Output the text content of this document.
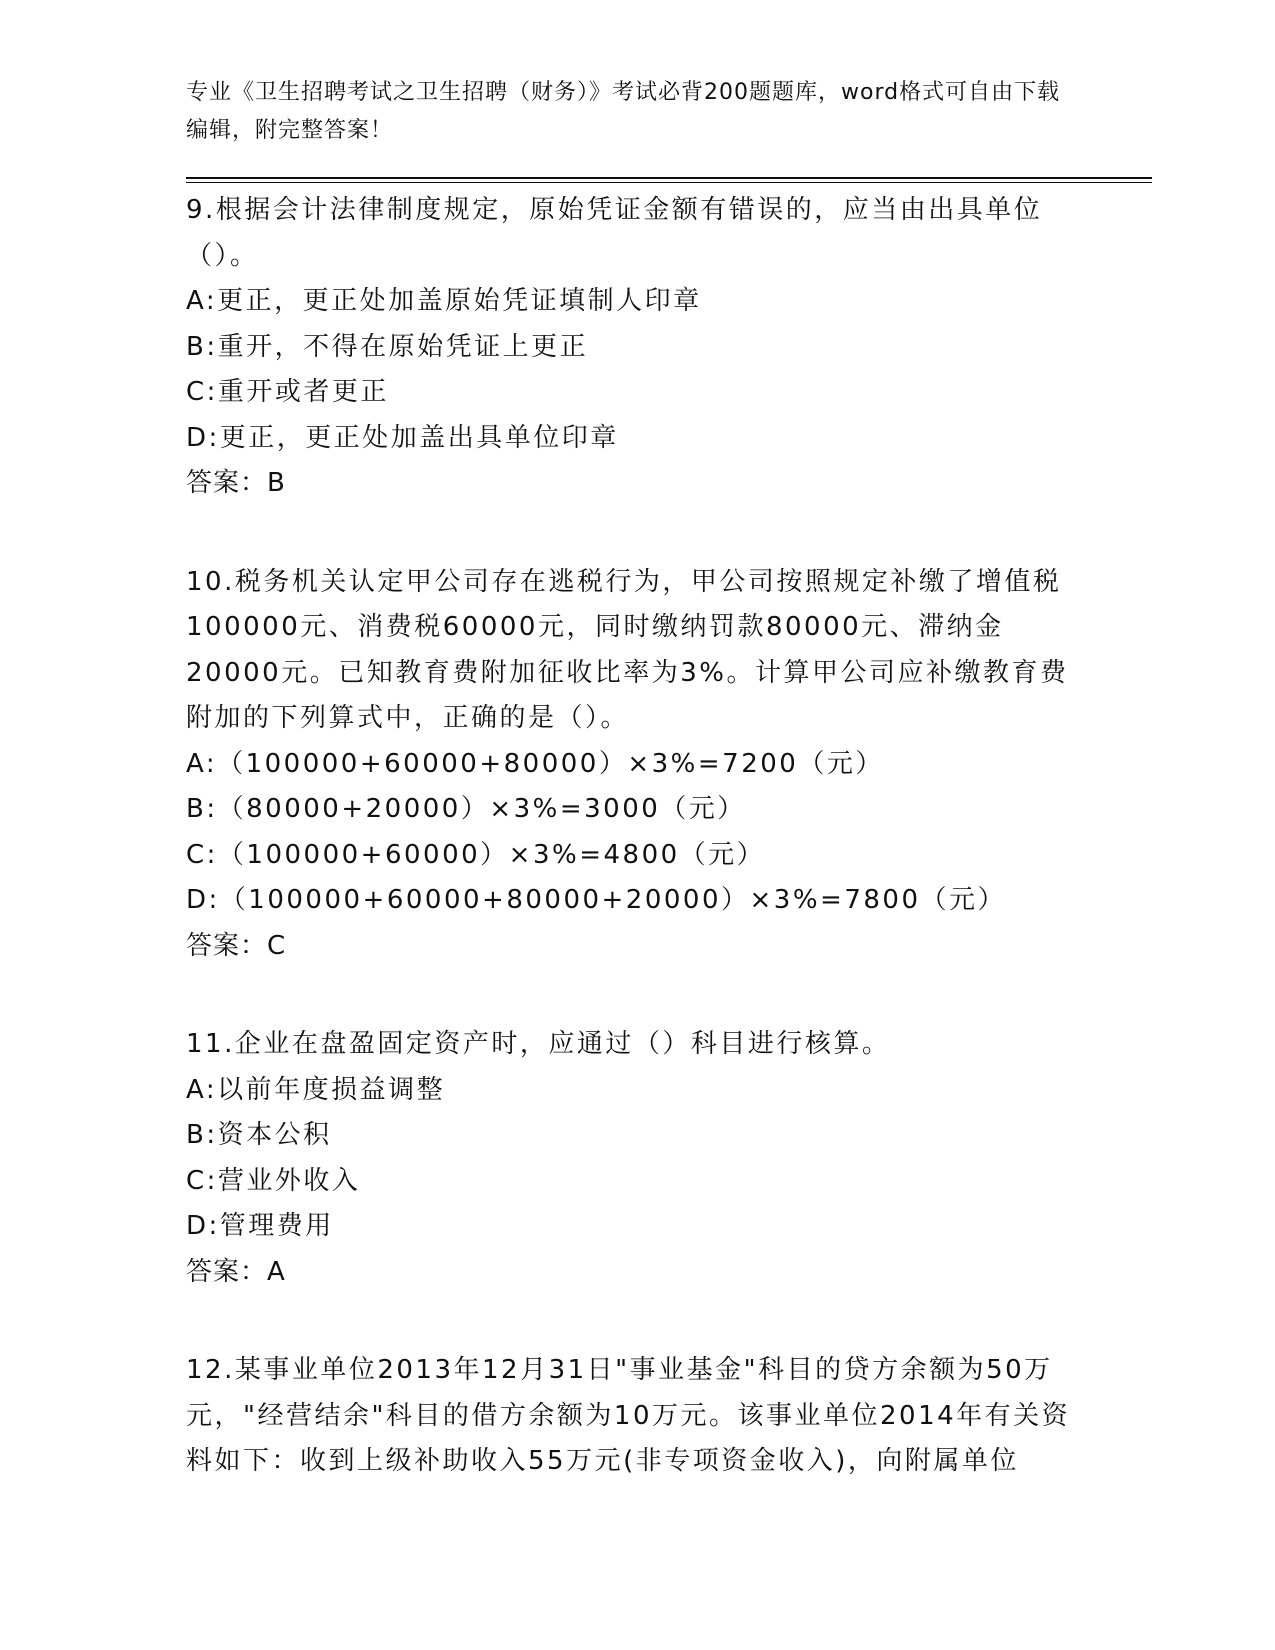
专业《卫生招聘考试之卫生招聘（财务）》考试必背200题题库，word格式可自由下载编辑，附完整答案！
9.根据会计法律制度规定，原始凭证金额有错误的，应当由出具单位（）。
A:更正，更正处加盖原始凭证填制人印章
B:重开，不得在原始凭证上更正
C:重开或者更正
D:更正，更正处加盖出具单位印章
答案：B
10.税务机关认定甲公司存在逃税行为，甲公司按照规定补缴了增值税100000元、消费税60000元，同时缴纳罚款80000元、滞纳金20000元。已知教育费附加征收比率为3%。计算甲公司应补缴教育费附加的下列算式中，正确的是（）。
A:（100000+60000+80000）×3%=7200（元）
B:（80000+20000）×3%=3000（元）
C:（100000+60000）×3%=4800（元）
D:（100000+60000+80000+20000）×3%=7800（元）
答案：C
11.企业在盘盈固定资产时，应通过（）科目进行核算。
A:以前年度损益调整
B:资本公积
C:营业外收入
D:管理费用
答案：A
12.某事业单位2013年12月31日"事业基金"科目的贷方余额为50万元，"经营结余"科目的借方余额为10万元。该事业单位2014年有关资料如下：收到上级补助收入55万元(非专项资金收入)，向附属单位
